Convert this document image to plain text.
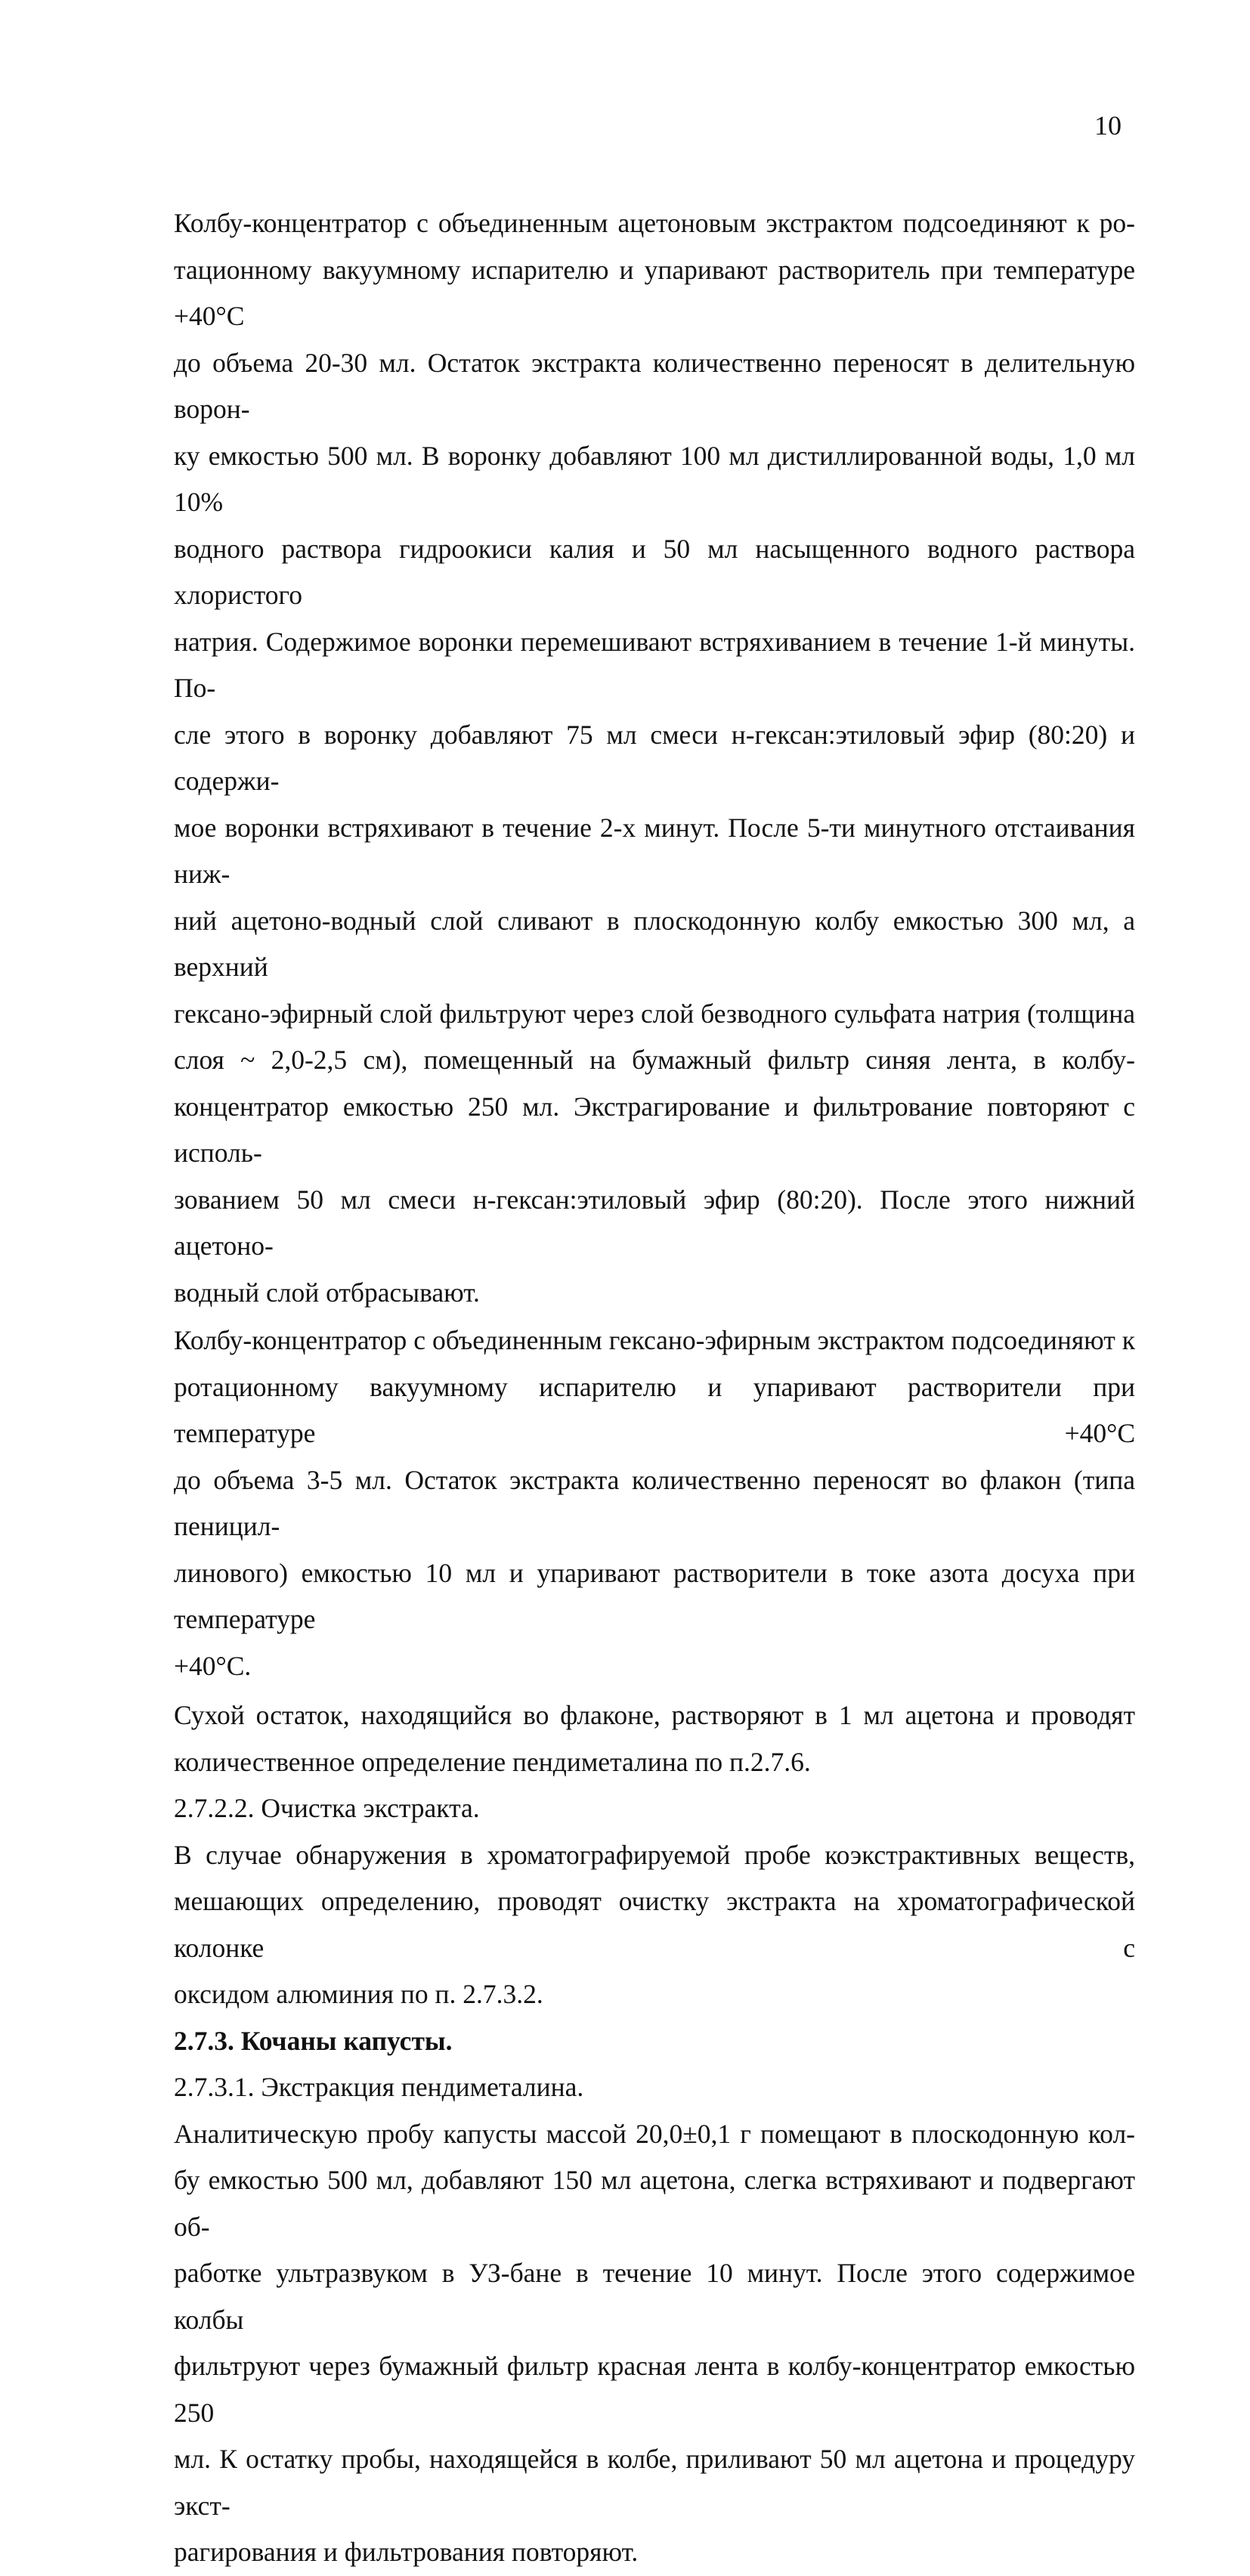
10
Колбу-концентратор с объединенным ацетоновым экстрактом подсоединяют к ро-
тационному вакуумному испарителю и упаривают растворитель при температуре +40°С
до объема 20-30 мл. Остаток экстракта количественно переносят в делительную ворон-
ку емкостью 500 мл. В воронку добавляют 100 мл дистиллированной воды, 1,0 мл 10%
водного раствора гидроокиси калия и 50 мл насыщенного водного раствора хлористого
натрия. Содержимое воронки перемешивают встряхиванием в течение 1-й минуты. По-
сле этого в воронку добавляют 75 мл смеси н-гексан:этиловый эфир (80:20) и содержи-
мое воронки встряхивают в течение 2-х минут. После 5-ти минутного отстаивания ниж-
ний ацетоно-водный слой сливают в плоскодонную колбу емкостью 300 мл, а верхний
гексано-эфирный слой фильтруют через слой безводного сульфата натрия (толщина
слоя ~ 2,0-2,5 см), помещенный на бумажный фильтр синяя лента, в колбу-
концентратор емкостью 250 мл. Экстрагирование и фильтрование повторяют с исполь-
зованием 50 мл смеси н-гексан:этиловый эфир (80:20). После этого нижний ацетоно-
водный слой отбрасывают.
Колбу-концентратор с объединенным гексано-эфирным экстрактом подсоединяют к
ротационному вакуумному испарителю и упаривают растворители при температуре +40°С
до объема 3-5 мл. Остаток экстракта количественно переносят во флакон (типа пеницил-
линового) емкостью 10 мл и упаривают растворители в токе азота досуха при температуре
+40°С.
Сухой остаток, находящийся во флаконе, растворяют в 1 мл ацетона и проводят
количественное определение пендиметалина по п.2.7.6.
2.7.2.2. Очистка экстракта.
В случае обнаружения в хроматографируемой пробе коэкстрактивных веществ,
мешающих определению, проводят очистку экстракта на хроматографической колонке с
оксидом алюминия по п. 2.7.3.2.
2.7.3. Кочаны капусты.
2.7.3.1. Экстракция пендиметалина.
Аналитическую пробу капусты массой 20,0±0,1 г помещают в плоскодонную кол-
бу емкостью 500 мл, добавляют 150 мл ацетона, слегка встряхивают и подвергают об-
работке ультразвуком в УЗ-бане в течение 10 минут. После этого содержимое колбы
фильтруют через бумажный фильтр красная лента в колбу-концентратор емкостью 250
мл. К остатку пробы, находящейся в колбе, приливают 50 мл ацетона и процедуру экст-
рагирования и фильтрования повторяют.
